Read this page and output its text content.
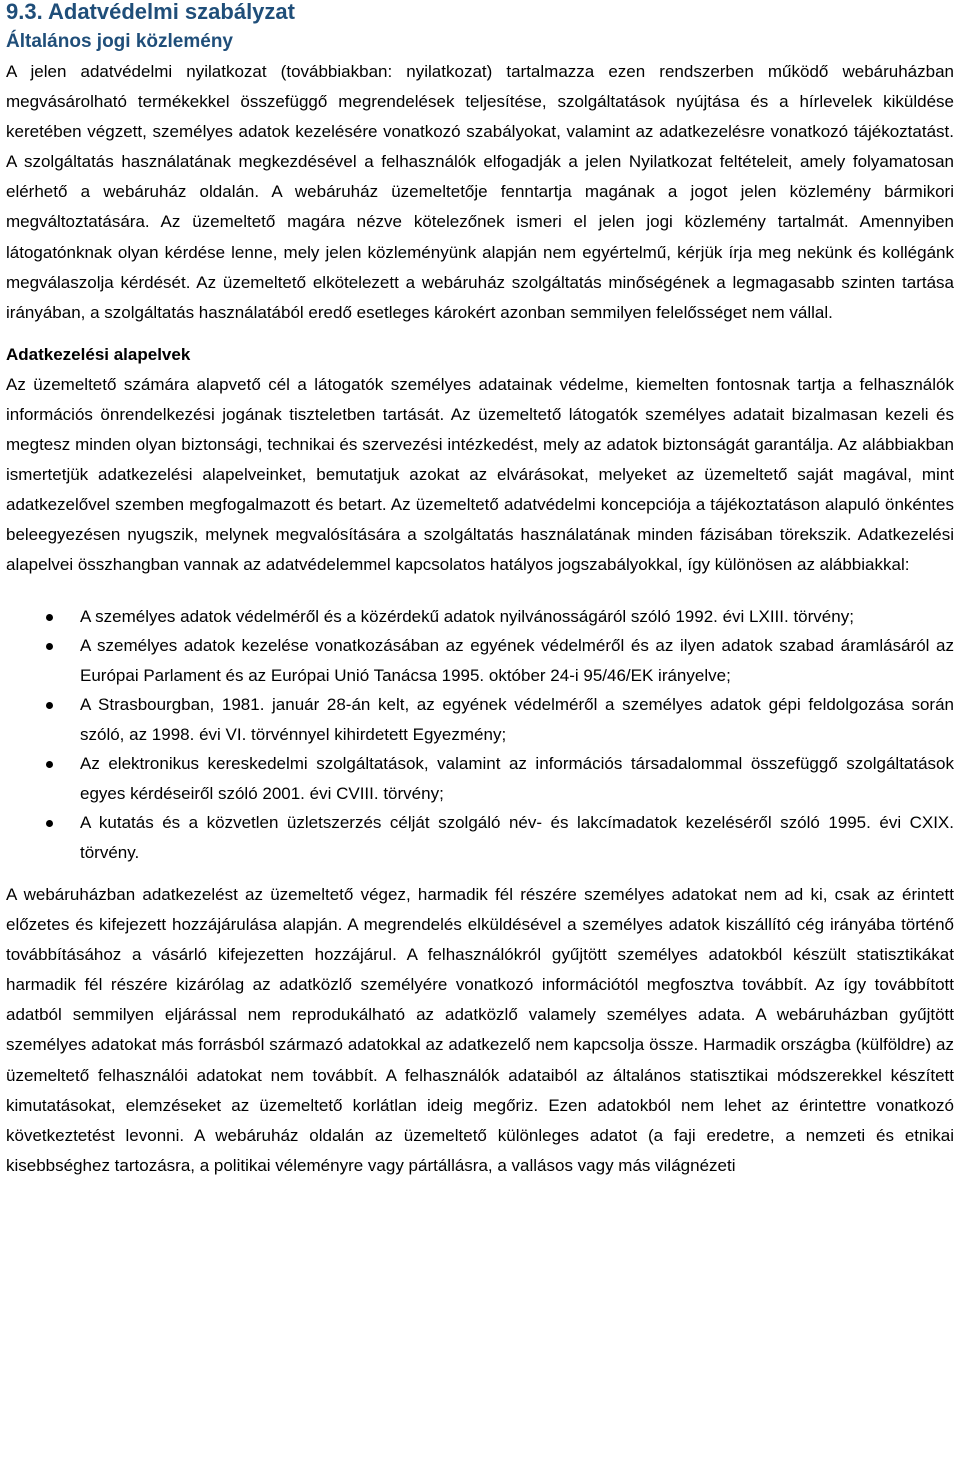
9.3. Adatvédelmi szabályzat
Általános jogi közlemény

A jelen adatvédelmi nyilatkozat (továbbiakban: nyilatkozat) tartalmazza ezen rendszerben működő webáruházban megvásárolható termékekkel összefüggő megrendelések teljesítése, szolgáltatások nyújtása és a hírlevelek kiküldése keretében végzett, személyes adatok kezelésére vonatkozó szabályokat, valamint az adatkezelésre vonatkozó tájékoztatást. A szolgáltatás használatának megkezdésével a felhasználók elfogadják a jelen Nyilatkozat feltételeit, amely folyamatosan elérhető a webáruház oldalán. A webáruház üzemeltetője fenntartja magának a jogot jelen közlemény bármikori megváltoztatására. Az üzemeltető magára nézve kötelezőnek ismeri el jelen jogi közlemény tartalmát. Amennyiben látogatónknak olyan kérdése lenne, mely jelen közleményünk alapján nem egyértelmű, kérjük írja meg nekünk és kollégánk megválaszolja kérdését. Az üzemeltető elkötelezett a webáruház szolgáltatás minőségének a legmagasabb szinten tartása irányában, a szolgáltatás használatából eredő esetleges károkért azonban semmilyen felelősséget nem vállal.

Adatkezelési alapelvek

Az üzemeltető számára alapvető cél a látogatók személyes adatainak védelme, kiemelten fontosnak tartja a felhasználók információs önrendelkezési jogának tiszteletben tartását. Az üzemeltető látogatók személyes adatait bizalmasan kezeli és megtesz minden olyan biztonsági, technikai és szervezési intézkedést, mely az adatok biztonságát garantálja. Az alábbiakban ismertetjük adatkezelési alapelveinket, bemutatjuk azokat az elvárásokat, melyeket az üzemeltető saját magával, mint adatkezelővel szemben megfogalmazott és betart. Az üzemeltető adatvédelmi koncepciója a tájékoztatáson alapuló önkéntes beleegyezésen nyugszik, melynek megvalósítására a szolgáltatás használatának minden fázisában törekszik. Adatkezelési alapelvei összhangban vannak az adatvédelemmel kapcsolatos hatályos jogszabályokkal, így különösen az alábbiakkal:

A személyes adatok védelméről és a közérdekű adatok nyilvánosságáról szóló 1992. évi LXIII. törvény;
A személyes adatok kezelése vonatkozásában az egyének védelméről és az ilyen adatok szabad áramlásáról az Európai Parlament és az Európai Unió Tanácsa 1995. október 24-i 95/46/EK irányelve;
A Strasbourgban, 1981. január 28-án kelt, az egyének védelméről a személyes adatok gépi feldolgozása során szóló, az 1998. évi VI. törvénnyel kihirdetett Egyezmény;
Az elektronikus kereskedelmi szolgáltatások, valamint az információs társadalommal összefüggő szolgáltatások egyes kérdéseiről szóló 2001. évi CVIII. törvény;
A kutatás és a közvetlen üzletszerzés célját szolgáló név- és lakcímadatok kezeléséről szóló 1995. évi CXIX. törvény.

A webáruházban adatkezelést az üzemeltető végez, harmadik fél részére személyes adatokat nem ad ki, csak az érintett előzetes és kifejezett hozzájárulása alapján. A megrendelés elküldésével a személyes adatok kiszállító cég irányába történő továbbításához a vásárló kifejezetten hozzájárul. A felhasználókról gyűjtött személyes adatokból készült statisztikákat harmadik fél részére kizárólag az adatközlő személyére vonatkozó információtól megfosztva továbbít. Az így továbbított adatból semmilyen eljárással nem reprodukálható az adatközlő valamely személyes adata. A webáruházban gyűjtött személyes adatokat más forrásból származó adatokkal az adatkezelő nem kapcsolja össze. Harmadik országba (külföldre) az üzemeltető felhasználói adatokat nem továbbít. A felhasználók adataiból az általános statisztikai módszerekkel készített kimutatásokat, elemzéseket az üzemeltető korlátlan ideig megőriz. Ezen adatokból nem lehet az érintettre vonatkozó következtetést levonni. A webáruház oldalán az üzemeltető különleges adatot (a faji eredetre, a nemzeti és etnikai kisebbséghez tartozásra, a politikai véleményre vagy pártállásra, a vallásos vagy más világnézeti
